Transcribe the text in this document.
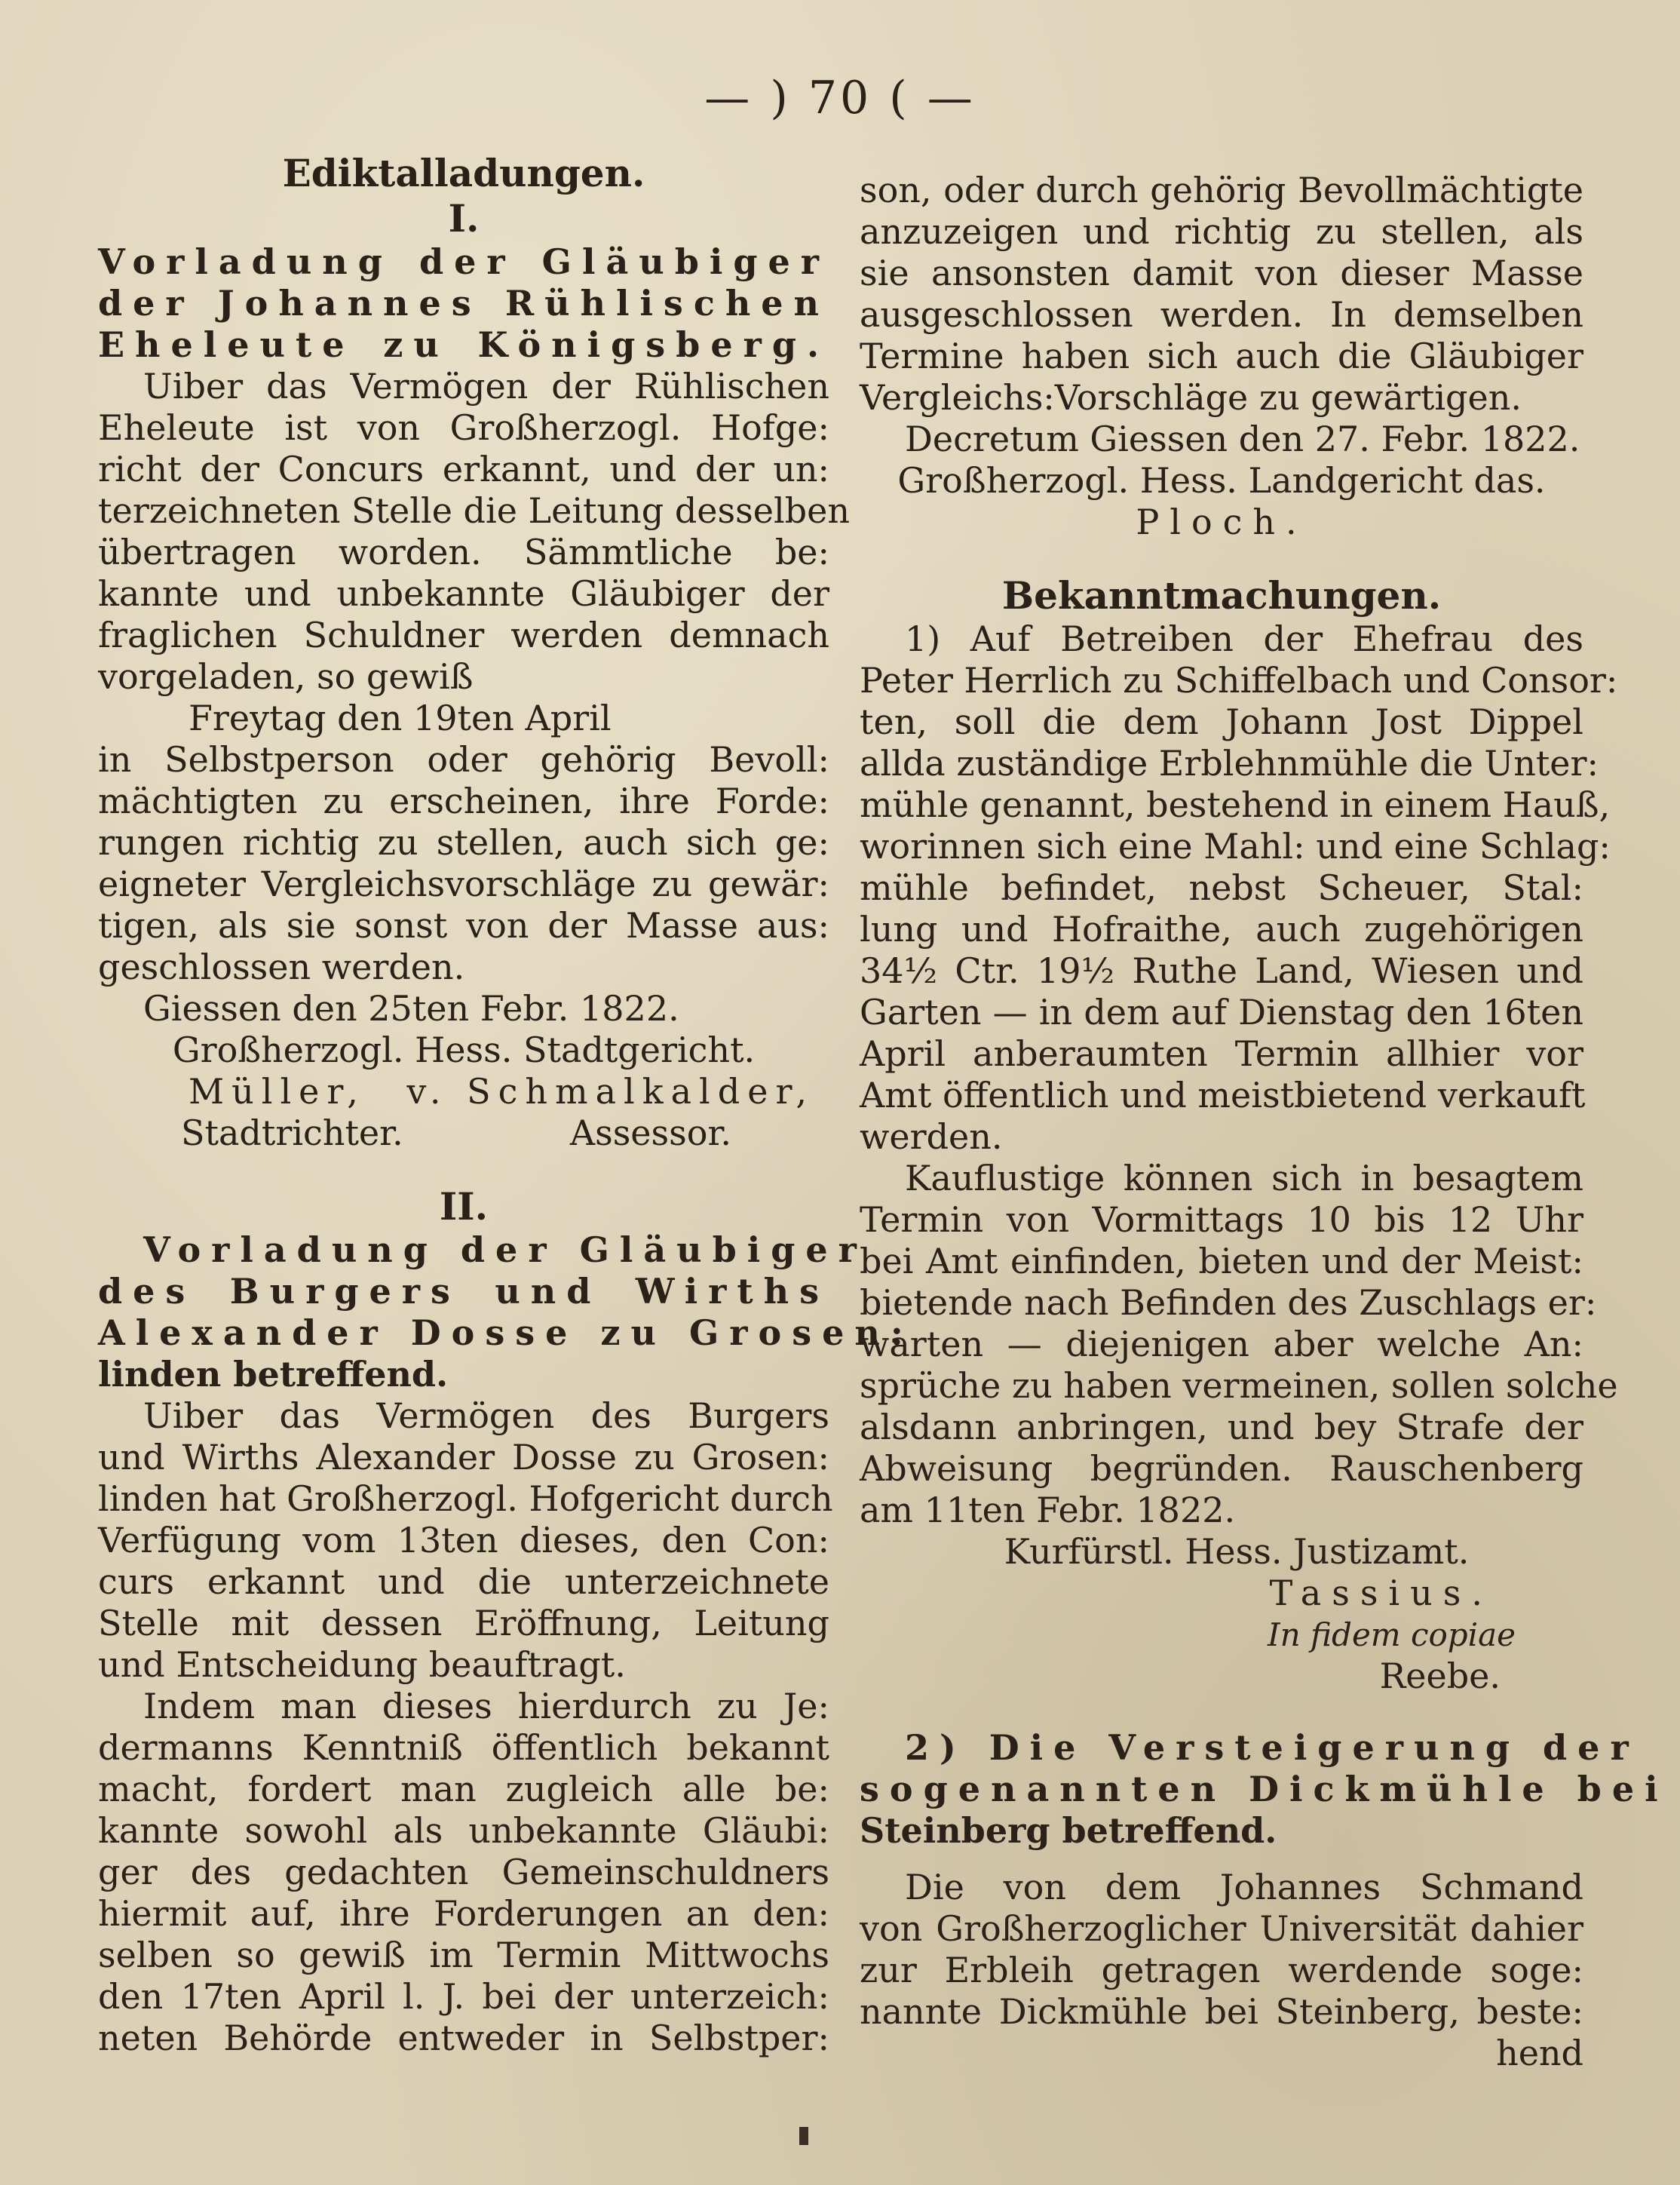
— ) 70 ( —
Ediktalladungen.
I.
Vorladung der Gläubiger
der Johannes Rühlischen
Eheleute zu Königsberg.
Uiber das Vermögen der Rühlischen
Eheleute ist von Großherzogl. Hofge:
richt der Concurs erkannt, und der un:
terzeichneten Stelle die Leitung desselben
übertragen worden. Sämmtliche be:
kannte und unbekannte Gläubiger der
fraglichen Schuldner werden demnach
vorgeladen, so gewiß
Freytag den 19ten April
in Selbstperson oder gehörig Bevoll:
mächtigten zu erscheinen, ihre Forde:
rungen richtig zu stellen, auch sich ge:
eigneter Vergleichsvorschläge zu gewär:
tigen, als sie sonst von der Masse aus:
geschlossen werden.
Giessen den 25ten Febr. 1822.
Großherzogl. Hess. Stadtgericht.
Müller, v. Schmalkalder,
Stadtrichter.	Assessor.
II.
Vorladung der Gläubiger
des Burgers und Wirths
Alexander Dosse zu Grosen:
linden betreffend.
Uiber das Vermögen des Burgers
und Wirths Alexander Dosse zu Grosen:
linden hat Großherzogl. Hofgericht durch
Verfügung vom 13ten dieses, den Con:
curs erkannt und die unterzeichnete
Stelle mit dessen Eröffnung, Leitung
und Entscheidung beauftragt.
Indem man dieses hierdurch zu Je:
dermanns Kenntniß öffentlich bekannt
macht, fordert man zugleich alle be:
kannte sowohl als unbekannte Gläubi:
ger des gedachten Gemeinschuldners
hiermit auf, ihre Forderungen an den:
selben so gewiß im Termin Mittwochs
den 17ten April l. J. bei der unterzeich:
neten Behörde entweder in Selbstper:
son, oder durch gehörig Bevollmächtigte
anzuzeigen und richtig zu stellen, als
sie ansonsten damit von dieser Masse
ausgeschlossen werden. In demselben
Termine haben sich auch die Gläubiger
Vergleichs:Vorschläge zu gewärtigen.
Decretum Giessen den 27. Febr. 1822.
Großherzogl. Hess. Landgericht das.
Ploch.
Bekanntmachungen.
1) Auf Betreiben der Ehefrau des
Peter Herrlich zu Schiffelbach und Consor:
ten, soll die dem Johann Jost Dippel
allda zuständige Erblehnmühle die Unter:
mühle genannt, bestehend in einem Hauß,
worinnen sich eine Mahl: und eine Schlag:
mühle befindet, nebst Scheuer, Stal:
lung und Hofraithe, auch zugehörigen
34½ Ctr. 19½ Ruthe Land, Wiesen und
Garten — in dem auf Dienstag den 16ten
April anberaumten Termin allhier vor
Amt öffentlich und meistbietend verkauft
werden.
Kauflustige können sich in besagtem
Termin von Vormittags 10 bis 12 Uhr
bei Amt einfinden, bieten und der Meist:
bietende nach Befinden des Zuschlags er:
warten — diejenigen aber welche An:
sprüche zu haben vermeinen, sollen solche
alsdann anbringen, und bey Strafe der
Abweisung begründen. Rauschenberg
am 11ten Febr. 1822.
Kurfürstl. Hess. Justizamt.
Tassius.
In fidem copiae
Reebe.
2) Die Versteigerung der
sogenannten Dickmühle bei
Steinberg betreffend.
Die von dem Johannes Schmand
von Großherzoglicher Universität dahier
zur Erbleih getragen werdende soge:
nannte Dickmühle bei Steinberg, beste:
hend
